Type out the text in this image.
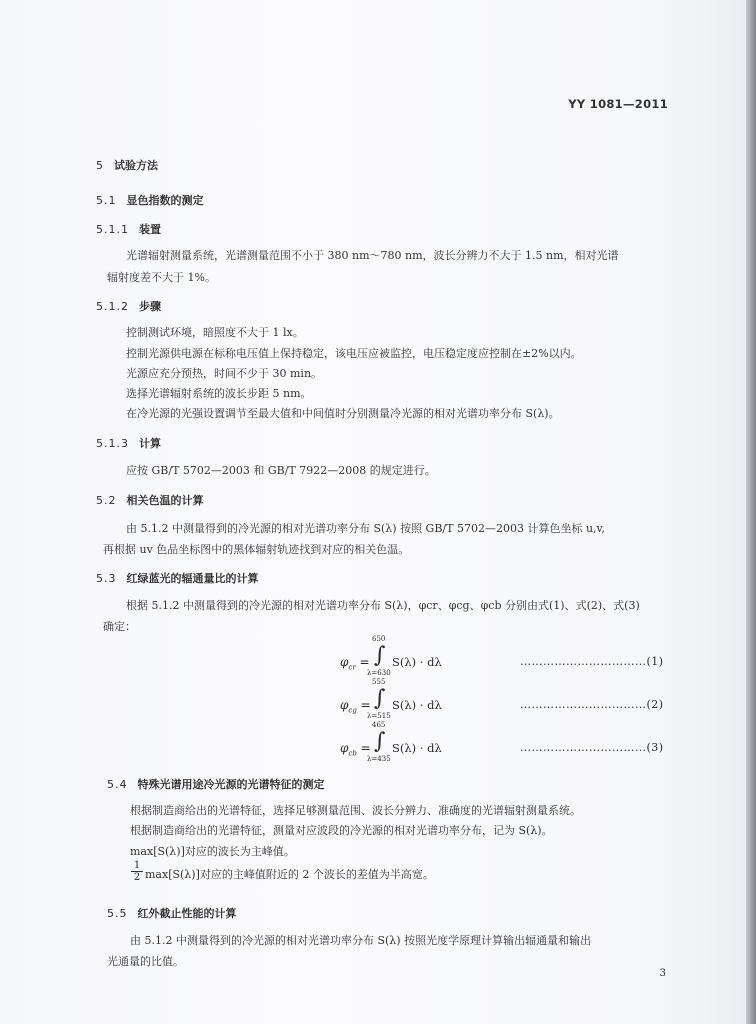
YY 1081—2011
5 试验方法
5.1 显色指数的测定
5.1.1 装置
光谱辐射测量系统，光谱测量范围不小于 380 nm～780 nm，波长分辨力不大于 1.5 nm，相对光谱
辐射度差不大于 1%。
5.1.2 步骤
控制测试环境，暗照度不大于 1 lx。
控制光源供电源在标称电压值上保持稳定，该电压应被监控，电压稳定度应控制在±2%以内。
光源应充分预热，时间不少于 30 min。
选择光谱辐射系统的波长步距 5 nm。
在冷光源的光强设置调节至最大值和中间值时分别测量冷光源的相对光谱功率分布 S(λ)。
5.1.3 计算
应按 GB/T 5702—2003 和 GB/T 7922—2008 的规定进行。
5.2 相关色温的计算
由 5.1.2 中测量得到的冷光源的相对光谱功率分布 S(λ) 按照 GB/T 5702—2003 计算色坐标 u,v,
再根据 uv 色品坐标图中的黑体辐射轨迹找到对应的相关色温。
5.3 红绿蓝光的辐通量比的计算
根据 5.1.2 中测量得到的冷光源的相对光谱功率分布 S(λ)，φcr、φcg、φcb 分别由式(1)、式(2)、式(3)
确定：
$\varphi_{cr}$ = ∫
650
λ=630
S(λ) · dλ	……………………………(1)
$\varphi_{cg}$ = ∫
555
λ=515
S(λ) · dλ	……………………………(2)
$\varphi_{cb}$ = ∫
465
λ=435
S(λ) · dλ	……………………………(3)
5.4 特殊光谱用途冷光源的光谱特征的测定
根据制造商给出的光谱特征，选择足够测量范围、波长分辨力、准确度的光谱辐射测量系统。
根据制造商给出的光谱特征，测量对应波段的冷光源的相对光谱功率分布，记为 S(λ)。
max[S(λ)]对应的波长为主峰值。
1
2 max[S(λ)]对应的主峰值附近的 2 个波长的差值为半高宽。
5.5 红外截止性能的计算
由 5.1.2 中测量得到的冷光源的相对光谱功率分布 S(λ) 按照光度学原理计算输出辐通量和输出
光通量的比值。
3
